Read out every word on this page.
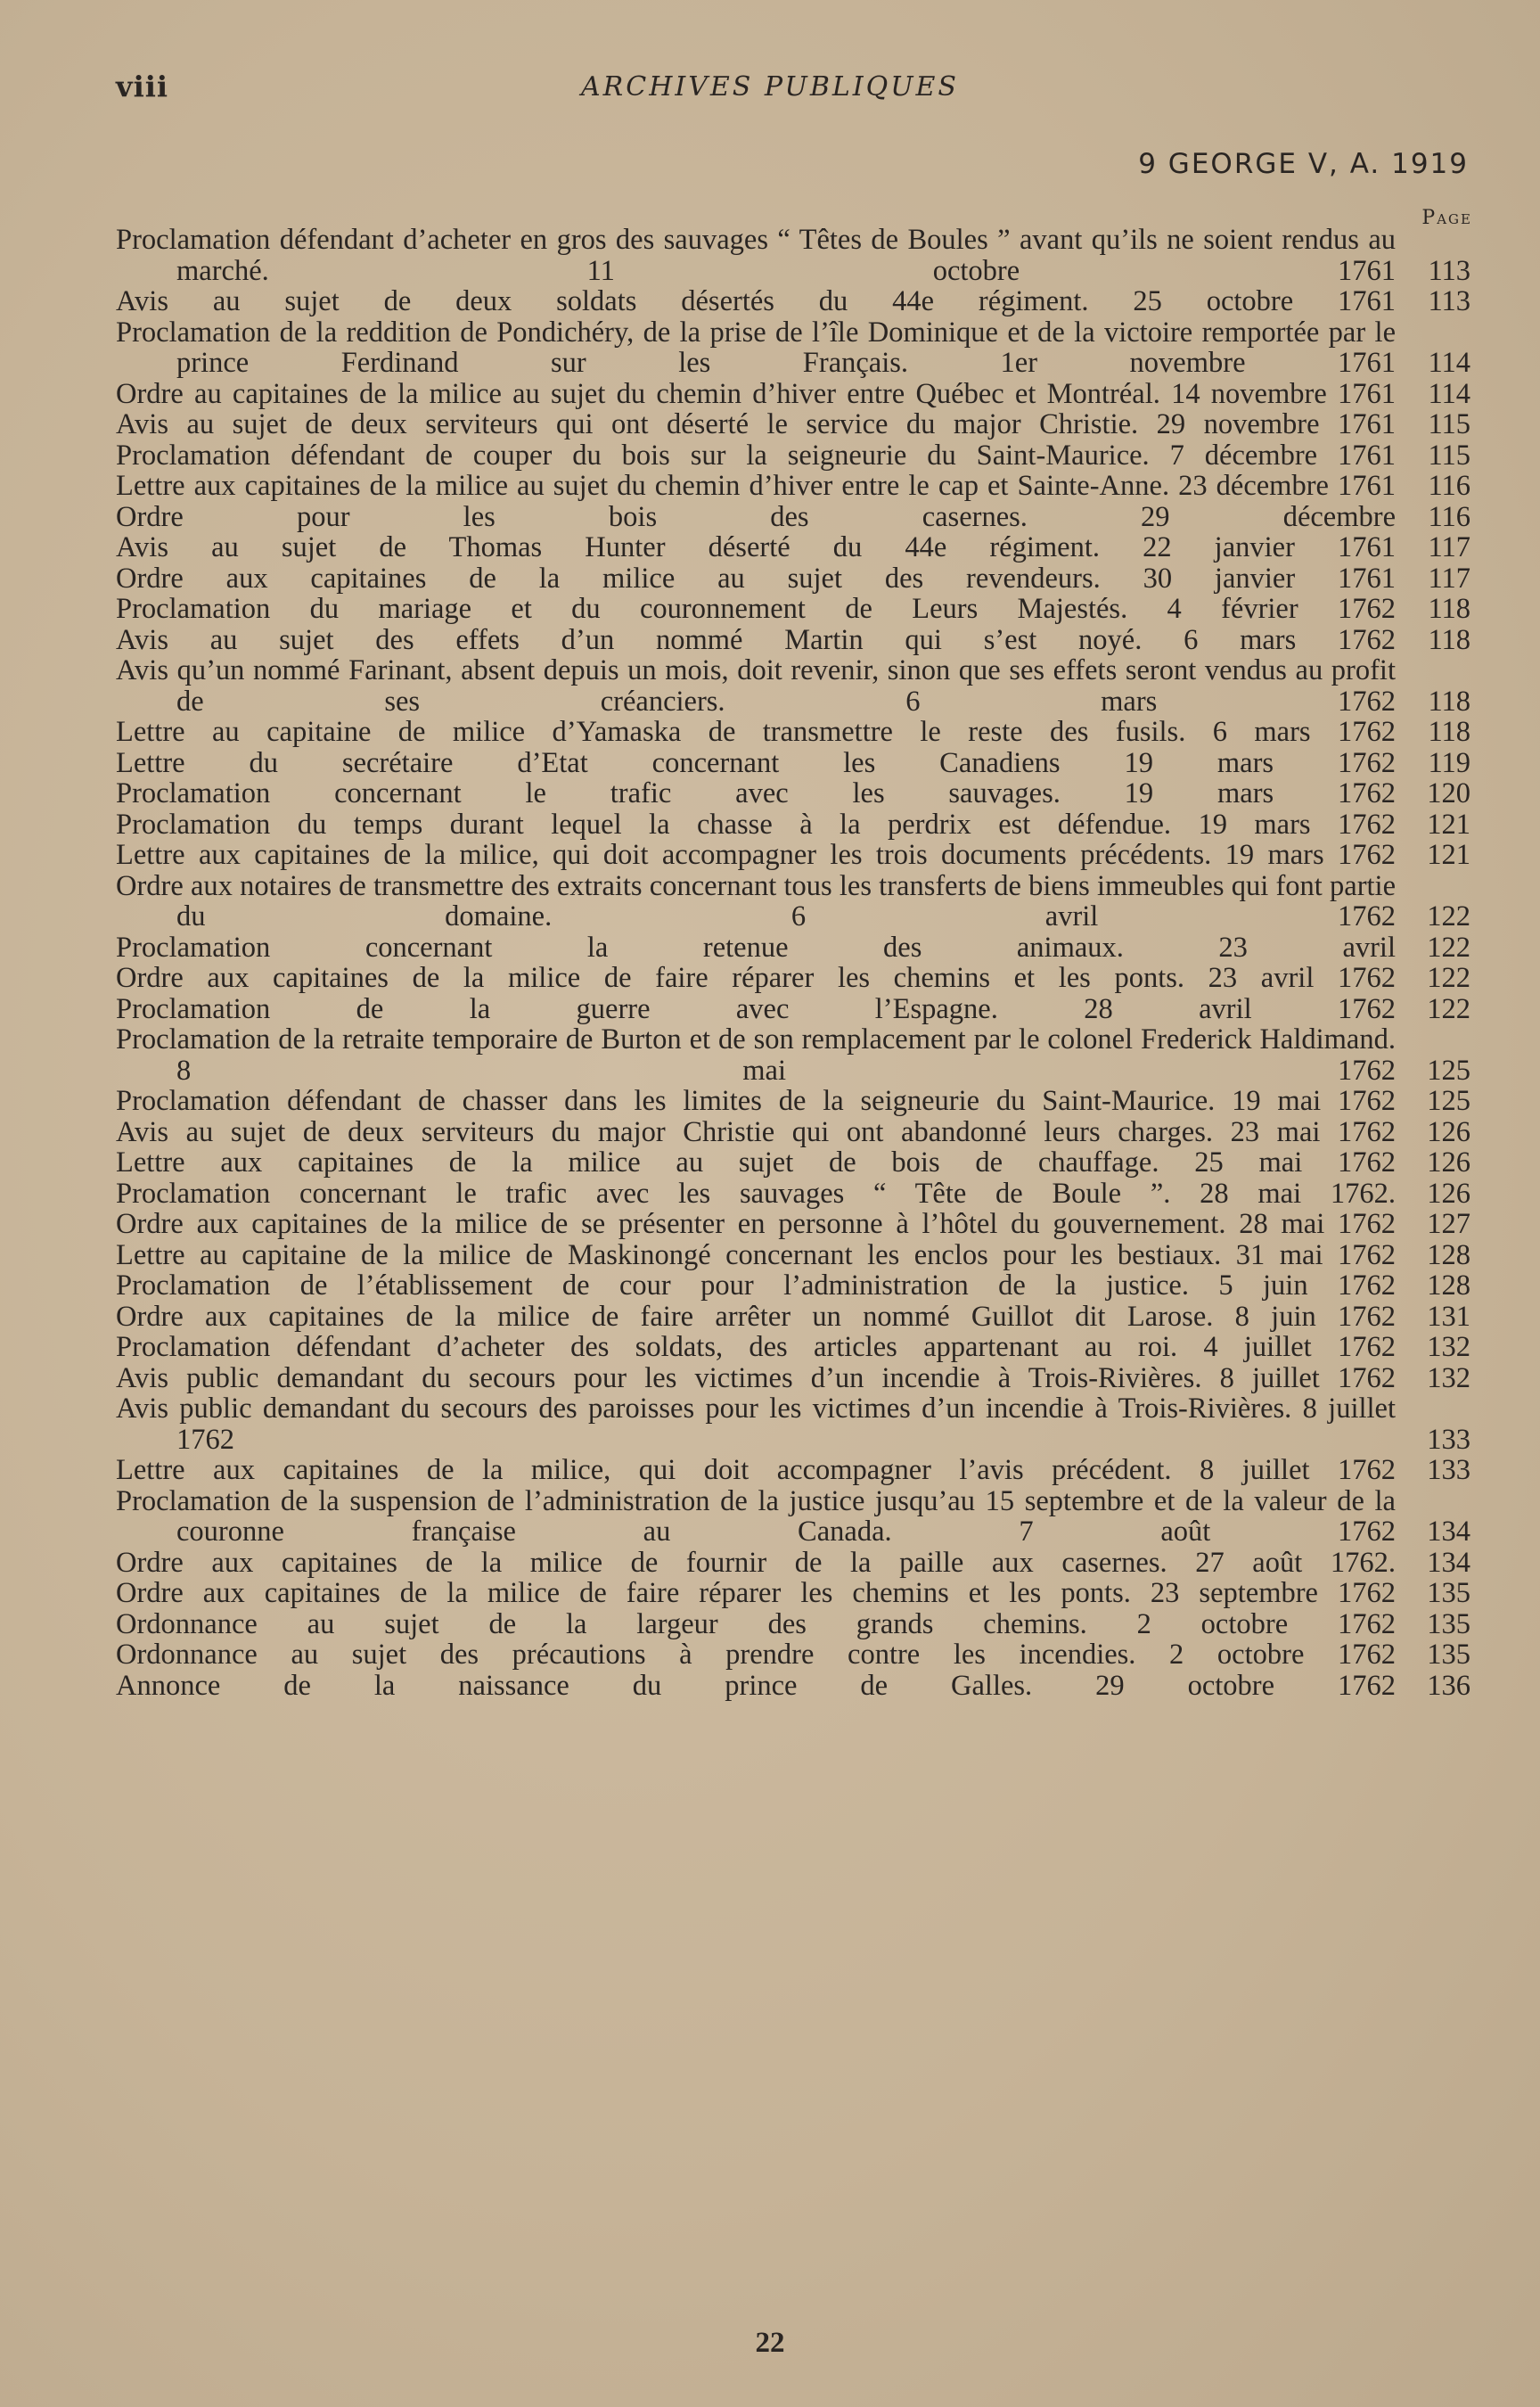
viii	ARCHIVES PUBLIQUES
9 GEORGE V, A. 1919
Page
Proclamation défendant d’acheter en gros des sauvages “ Têtes de Boules ” avant qu’ils ne soient rendus au marché. 11 octobre 1761 .....	113
Avis au sujet de deux soldats désertés du 44e régiment. 25 octobre 1761 .....	113
Proclamation de la reddition de Pondichéry, de la prise de l’île Dominique et de la victoire remportée par le prince Ferdinand sur les Français. 1er novembre 1761 .....	114
Ordre au capitaines de la milice au sujet du chemin d’hiver entre Québec et Montréal. 14 novembre 1761 .....	114
Avis au sujet de deux serviteurs qui ont déserté le service du major Christie. 29 novembre 1761 .....	115
Proclamation défendant de couper du bois sur la seigneurie du Saint-Maurice. 7 décembre 1761 .....	115
Lettre aux capitaines de la milice au sujet du chemin d’hiver entre le cap et Sainte-Anne. 23 décembre 1761 .....	116
Ordre pour les bois des casernes. 29 décembre .....	116
Avis au sujet de Thomas Hunter déserté du 44e régiment. 22 janvier 1761 .....	117
Ordre aux capitaines de la milice au sujet des revendeurs. 30 janvier 1761 .....	117
Proclamation du mariage et du couronnement de Leurs Majestés. 4 février 1762 .....	118
Avis au sujet des effets d’un nommé Martin qui s’est noyé. 6 mars 1762 .....	118
Avis qu’un nommé Farinant, absent depuis un mois, doit revenir, sinon que ses effets seront vendus au profit de ses créanciers. 6 mars 1762 .....	118
Lettre au capitaine de milice d’Yamaska de transmettre le reste des fusils. 6 mars 1762 .....	118
Lettre du secrétaire d’Etat concernant les Canadiens 19 mars 1762 .....	119
Proclamation concernant le trafic avec les sauvages. 19 mars 1762 .....	120
Proclamation du temps durant lequel la chasse à la perdrix est défendue. 19 mars 1762 .....	121
Lettre aux capitaines de la milice, qui doit accompagner les trois documents précédents. 19 mars 1762 .....	121
Ordre aux notaires de transmettre des extraits concernant tous les transferts de biens immeubles qui font partie du domaine. 6 avril 1762 .....	122
Proclamation concernant la retenue des animaux. 23 avril .....	122
Ordre aux capitaines de la milice de faire réparer les chemins et les ponts. 23 avril 1762 .....	122
Proclamation de la guerre avec l’Espagne. 28 avril 1762 .....	122
Proclamation de la retraite temporaire de Burton et de son remplacement par le colonel Frederick Haldimand. 8 mai 1762 .....	125
Proclamation défendant de chasser dans les limites de la seigneurie du Saint-Maurice. 19 mai 1762 .....	125
Avis au sujet de deux serviteurs du major Christie qui ont abandonné leurs charges. 23 mai 1762 .....	126
Lettre aux capitaines de la milice au sujet de bois de chauffage. 25 mai 1762 .....	126
Proclamation concernant le trafic avec les sauvages “ Tête de Boule ”. 28 mai 1762. .....	126
Ordre aux capitaines de la milice de se présenter en personne à l’hôtel du gouvernement. 28 mai 1762 .....	127
Lettre au capitaine de la milice de Maskinongé concernant les enclos pour les bestiaux. 31 mai 1762 .....	128
Proclamation de l’établissement de cour pour l’administration de la justice. 5 juin 1762 .....	128
Ordre aux capitaines de la milice de faire arrêter un nommé Guillot dit Larose. 8 juin 1762 .....	131
Proclamation défendant d’acheter des soldats, des articles appartenant au roi. 4 juillet 1762 .....	132
Avis public demandant du secours pour les victimes d’un incendie à Trois-Rivières. 8 juillet 1762 .....	132
Avis public demandant du secours des paroisses pour les victimes d’un incendie à Trois-Rivières. 8 juillet 1762 .....	133
Lettre aux capitaines de la milice, qui doit accompagner l’avis précédent. 8 juillet 1762 .....	133
Proclamation de la suspension de l’administration de la justice jusqu’au 15 septembre et de la valeur de la couronne française au Canada. 7 août 1762 .....	134
Ordre aux capitaines de la milice de fournir de la paille aux casernes. 27 août 1762. .....	134
Ordre aux capitaines de la milice de faire réparer les chemins et les ponts. 23 septembre 1762 .....	135
Ordonnance au sujet de la largeur des grands chemins. 2 octobre 1762 .....	135
Ordonnance au sujet des précautions à prendre contre les incendies. 2 octobre 1762 .....	135
Annonce de la naissance du prince de Galles. 29 octobre 1762 .....	136
22
